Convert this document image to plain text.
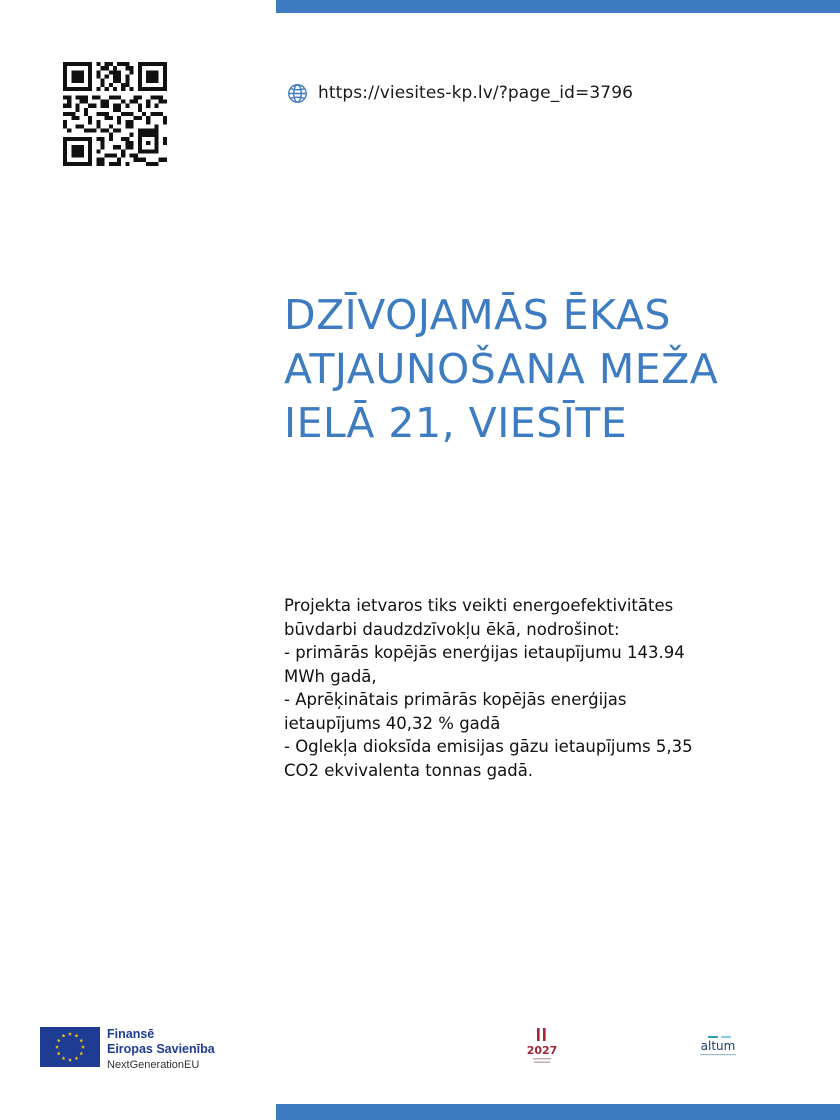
https://viesites-kp.lv/?page_id=3796
DZĪVOJAMĀS ĒKAS
ATJAUNOŠANA MEŽA
IELĀ 21, VIESĪTE
Projekta ietvaros tiks veikti energoefektivitātes
būvdarbi daudzdzīvokļu ēkā, nodrošinot:
- primārās kopējās enerģijas ietaupījumu 143.94
MWh gadā,
- Aprēķinātais primārās kopējās enerģijas
ietaupījums 40,32 % gadā
- Oglekļa dioksīda emisijas gāzu ietaupījums 5,35
CO2 ekvivalenta tonnas gadā.
Finansē
Eiropas Savienība
NextGenerationEU
2027	altum
